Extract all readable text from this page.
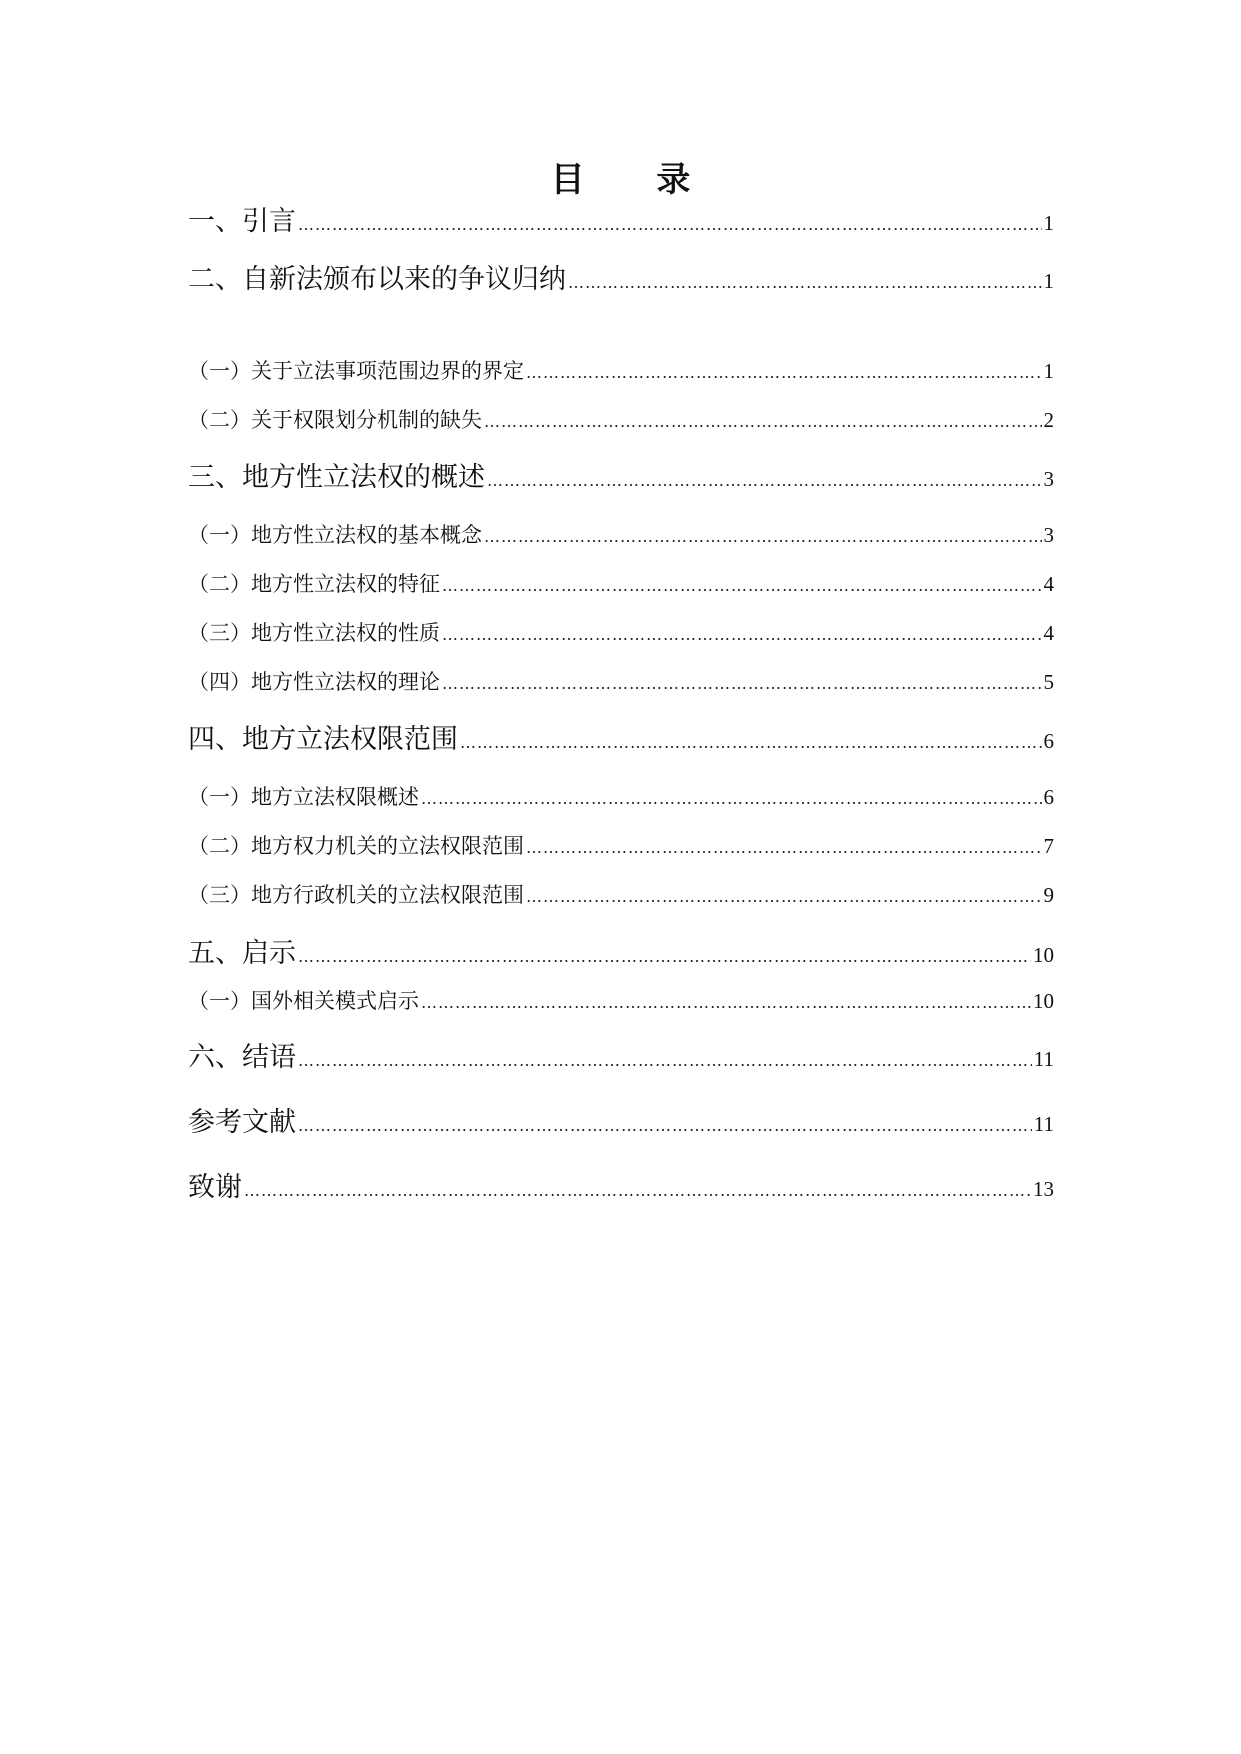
目 录
一、引言 ……………………………………………………………………………………………………………………………………………………………………………………………………………………………………………………	1
二、自新法颁布以来的争议归纳 ……………………………………………………………………………………………………………………………………………………………………………………………………………………………………………………	1
（一）关于立法事项范围边界的界定 ……………………………………………………………………………………………………………………………………………………………………………………………………………………………………………………	1
（二）关于权限划分机制的缺失 ……………………………………………………………………………………………………………………………………………………………………………………………………………………………………………………	2
三、地方性立法权的概述 ……………………………………………………………………………………………………………………………………………………………………………………………………………………………………………………	3
（一）地方性立法权的基本概念 ……………………………………………………………………………………………………………………………………………………………………………………………………………………………………………………	3
（二）地方性立法权的特征 ……………………………………………………………………………………………………………………………………………………………………………………………………………………………………………………	4
（三）地方性立法权的性质 ……………………………………………………………………………………………………………………………………………………………………………………………………………………………………………………	4
（四）地方性立法权的理论 ……………………………………………………………………………………………………………………………………………………………………………………………………………………………………………………	5
四、地方立法权限范围 ……………………………………………………………………………………………………………………………………………………………………………………………………………………………………………………	6
（一）地方立法权限概述 ……………………………………………………………………………………………………………………………………………………………………………………………………………………………………………………	6
（二）地方权力机关的立法权限范围 ……………………………………………………………………………………………………………………………………………………………………………………………………………………………………………………	7
（三）地方行政机关的立法权限范围 ……………………………………………………………………………………………………………………………………………………………………………………………………………………………………………………	9
五、启示 ……………………………………………………………………………………………………………………………………………………………………………………………………………………………………………………	10
（一）国外相关模式启示 ……………………………………………………………………………………………………………………………………………………………………………………………………………………………………………………	10
六、结语 ……………………………………………………………………………………………………………………………………………………………………………………………………………………………………………………	11
参考文献 ……………………………………………………………………………………………………………………………………………………………………………………………………………………………………………………	11
致谢 ……………………………………………………………………………………………………………………………………………………………………………………………………………………………………………………	13
